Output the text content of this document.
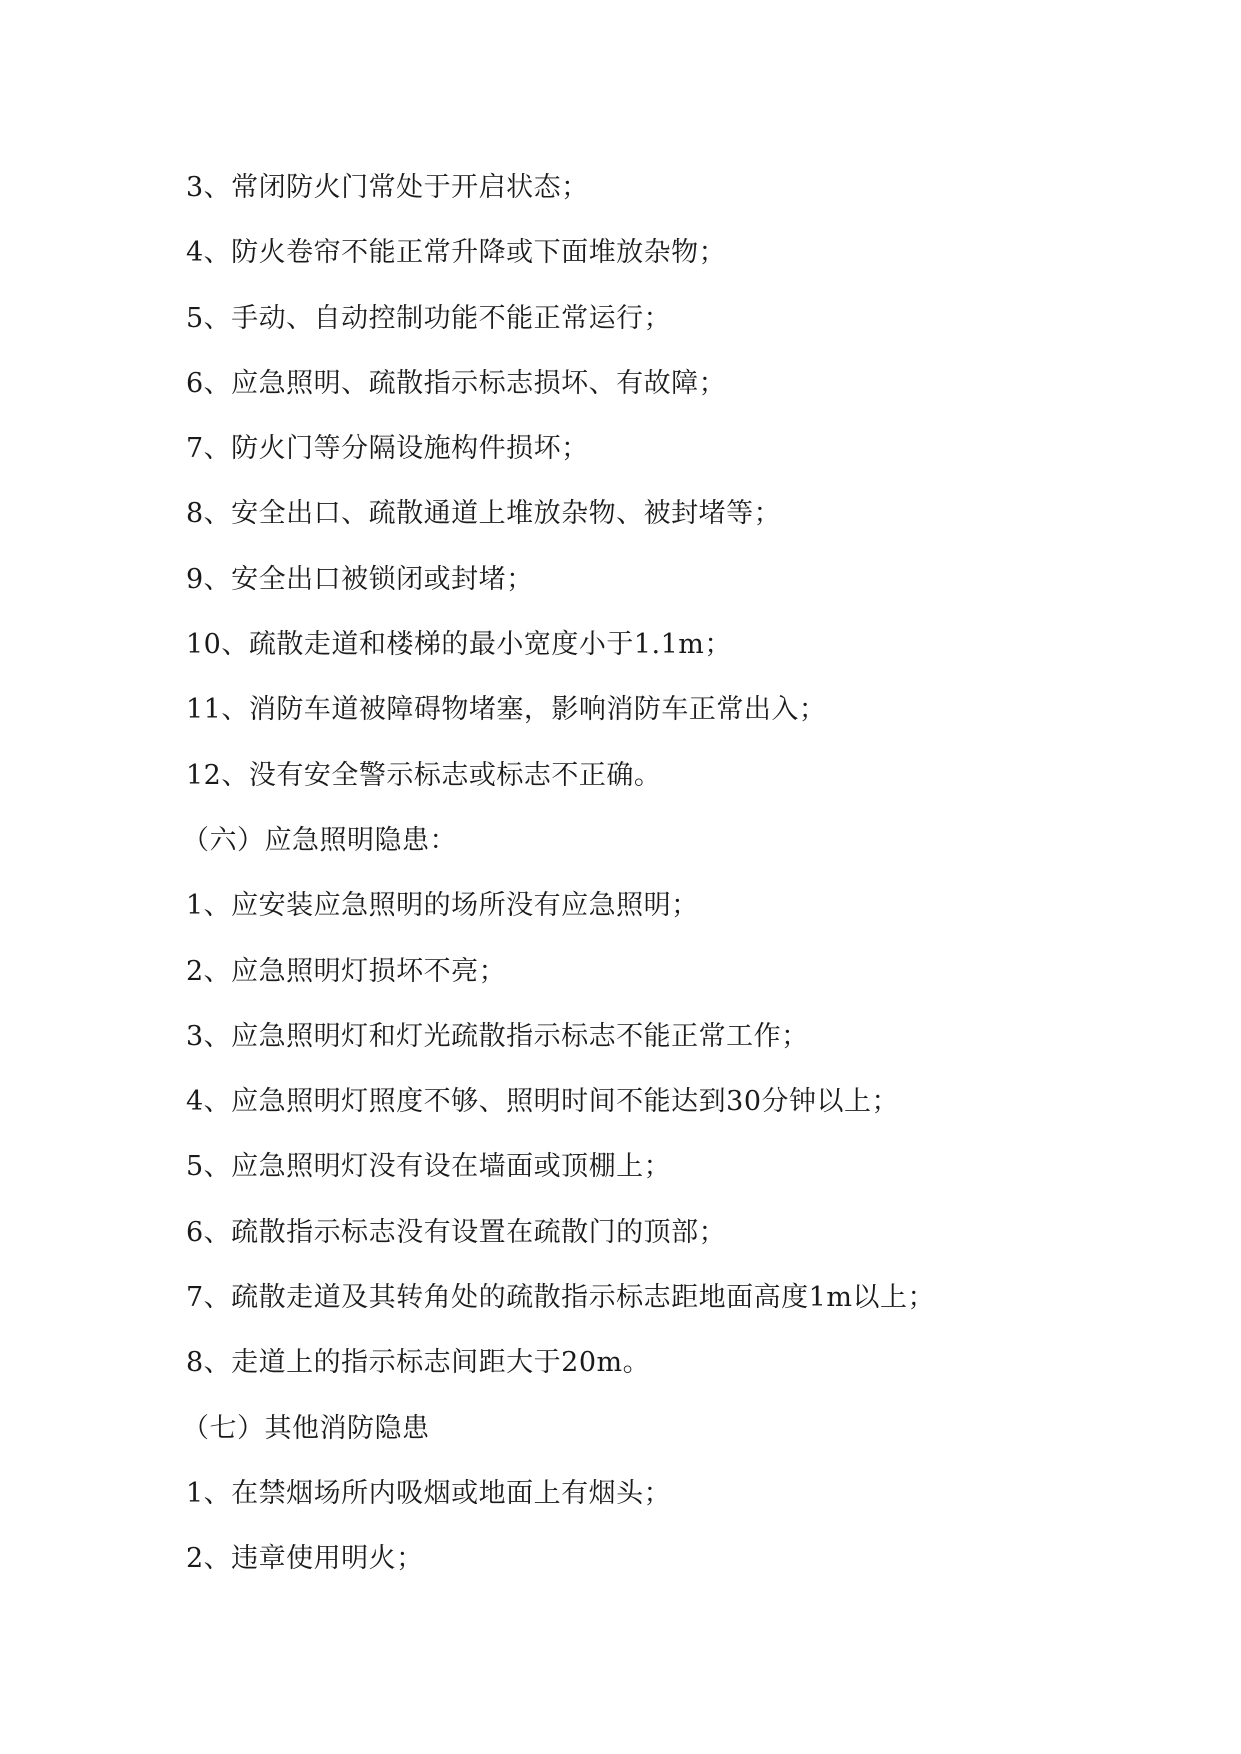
3、常闭防火门常处于开启状态；
4、防火卷帘不能正常升降或下面堆放杂物；
5、手动、自动控制功能不能正常运行；
6、应急照明、疏散指示标志损坏、有故障；
7、防火门等分隔设施构件损坏；
8、安全出口、疏散通道上堆放杂物、被封堵等；
9、安全出口被锁闭或封堵；
10、疏散走道和楼梯的最小宽度小于1.1m；
11、消防车道被障碍物堵塞，影响消防车正常出入；
12、没有安全警示标志或标志不正确。
（六）应急照明隐患：
1、应安装应急照明的场所没有应急照明；
2、应急照明灯损坏不亮；
3、应急照明灯和灯光疏散指示标志不能正常工作；
4、应急照明灯照度不够、照明时间不能达到30分钟以上；
5、应急照明灯没有设在墙面或顶棚上；
6、疏散指示标志没有设置在疏散门的顶部；
7、疏散走道及其转角处的疏散指示标志距地面高度1m以上；
8、走道上的指示标志间距大于20m。
（七）其他消防隐患
1、在禁烟场所内吸烟或地面上有烟头；
2、违章使用明火；
